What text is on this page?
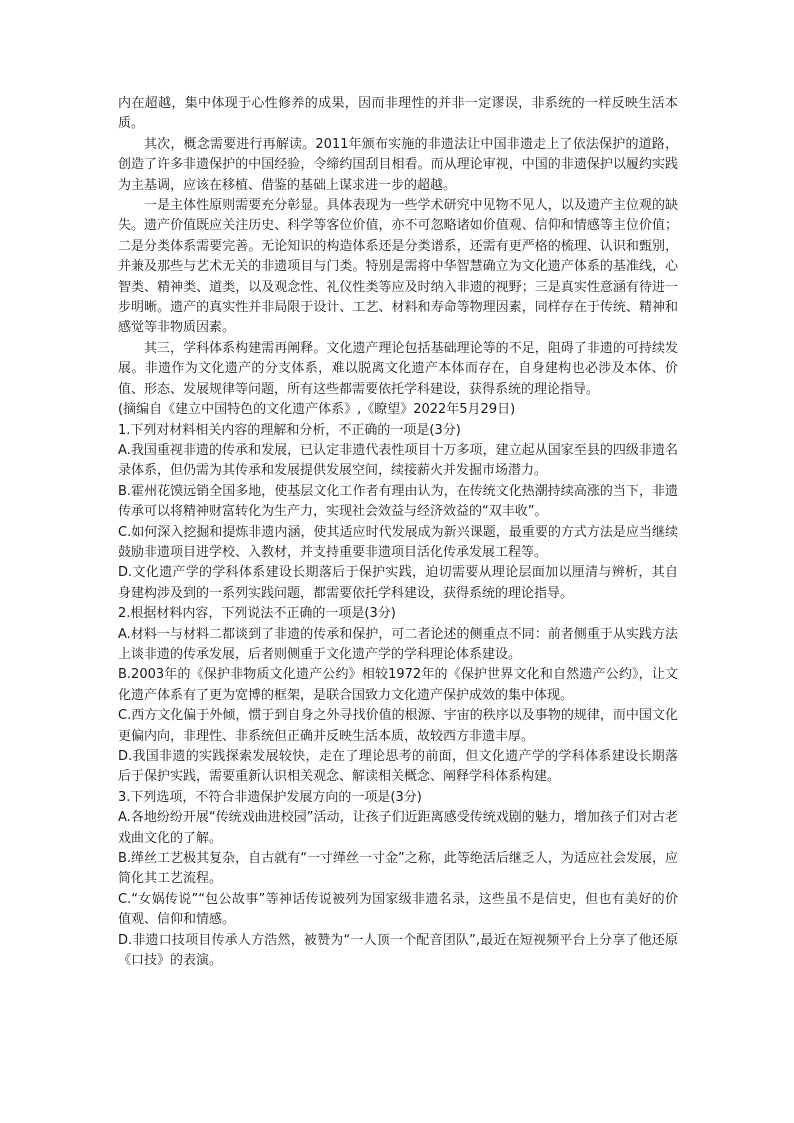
内在超越，集中体现于心性修养的成果，因而非理性的并非一定谬误，非系统的一样反映生活本质。

其次，概念需要进行再解读。2011年颁布实施的非遗法让中国非遗走上了依法保护的道路，创造了许多非遗保护的中国经验，令缔约国刮目相看。而从理论审视，中国的非遗保护以履约实践为主基调，应该在移植、借鉴的基础上谋求进一步的超越。

一是主体性原则需要充分彰显。具体表现为一些学术研究中见物不见人，以及遗产主位观的缺失。遗产价值既应关注历史、科学等客位价值，亦不可忽略诸如价值观、信仰和情感等主位价值；二是分类体系需要完善。无论知识的构造体系还是分类谱系，还需有更严格的梳理、认识和甄别，并兼及那些与艺术无关的非遗项目与门类。特别是需将中华智慧确立为文化遗产体系的基准线，心智类、精神类、道类，以及观念性、礼仪性类等应及时纳入非遗的视野；三是真实性意涵有待进一步明晰。遗产的真实性并非局限于设计、工艺、材料和寿命等物理因素，同样存在于传统、精神和感觉等非物质因素。

其三，学科体系构建需再阐释。文化遗产理论包括基础理论等的不足，阻碍了非遗的可持续发展。非遗作为文化遗产的分支体系，难以脱离文化遗产本体而存在，自身建构也必涉及本体、价值、形态、发展规律等问题，所有这些都需要依托学科建设，获得系统的理论指导。

(摘编自《建立中国特色的文化遗产体系》,《瞭望》2022年5月29日)

1.下列对材料相关内容的理解和分析，不正确的一项是(3分)

A.我国重视非遗的传承和发展，已认定非遗代表性项目十万多项，建立起从国家至县的四级非遗名录体系，但仍需为其传承和发展提供发展空间，续接薪火并发掘市场潜力。

B.霍州花馍远销全国多地，使基层文化工作者有理由认为，在传统文化热潮持续高涨的当下，非遗传承可以将精神财富转化为生产力，实现社会效益与经济效益的“双丰收”。

C.如何深入挖掘和提炼非遗内涵，使其适应时代发展成为新兴课题，最重要的方式方法是应当继续鼓励非遗项目进学校、入教材，并支持重要非遗项目活化传承发展工程等。

D.文化遗产学的学科体系建设长期落后于保护实践，迫切需要从理论层面加以厘清与辨析，其自身建构涉及到的一系列实践问题，都需要依托学科建设，获得系统的理论指导。

2.根据材料内容，下列说法不正确的一项是(3分)

A.材料一与材料二都谈到了非遗的传承和保护，可二者论述的侧重点不同：前者侧重于从实践方法上谈非遗的传承发展，后者则侧重于文化遗产学的学科理论体系建设。

B.2003年的《保护非物质文化遗产公约》相较1972年的《保护世界文化和自然遗产公约》，让文化遗产体系有了更为宽博的框架，是联合国致力文化遗产保护成效的集中体现。

C.西方文化偏于外倾，惯于到自身之外寻找价值的根源、宇宙的秩序以及事物的规律，而中国文化更偏内向，非理性、非系统但正确并反映生活本质，故较西方非遗丰厚。

D.我国非遗的实践探索发展较快，走在了理论思考的前面，但文化遗产学的学科体系建设长期落后于保护实践，需要重新认识相关观念、解读相关概念、阐释学科体系构建。

3.下列选项，不符合非遗保护发展方向的一项是(3分)

A.各地纷纷开展“传统戏曲进校园”活动，让孩子们近距离感受传统戏剧的魅力，增加孩子们对古老戏曲文化的了解。

B.缂丝工艺极其复杂，自古就有“一寸缂丝一寸金”之称，此等绝活后继乏人，为适应社会发展，应简化其工艺流程。

C.“女娲传说”“包公故事”等神话传说被列为国家级非遗名录，这些虽不是信史，但也有美好的价值观、信仰和情感。

D.非遗口技项目传承人方浩然，被赞为“一人顶一个配音团队”,最近在短视频平台上分享了他还原《口技》的表演。
